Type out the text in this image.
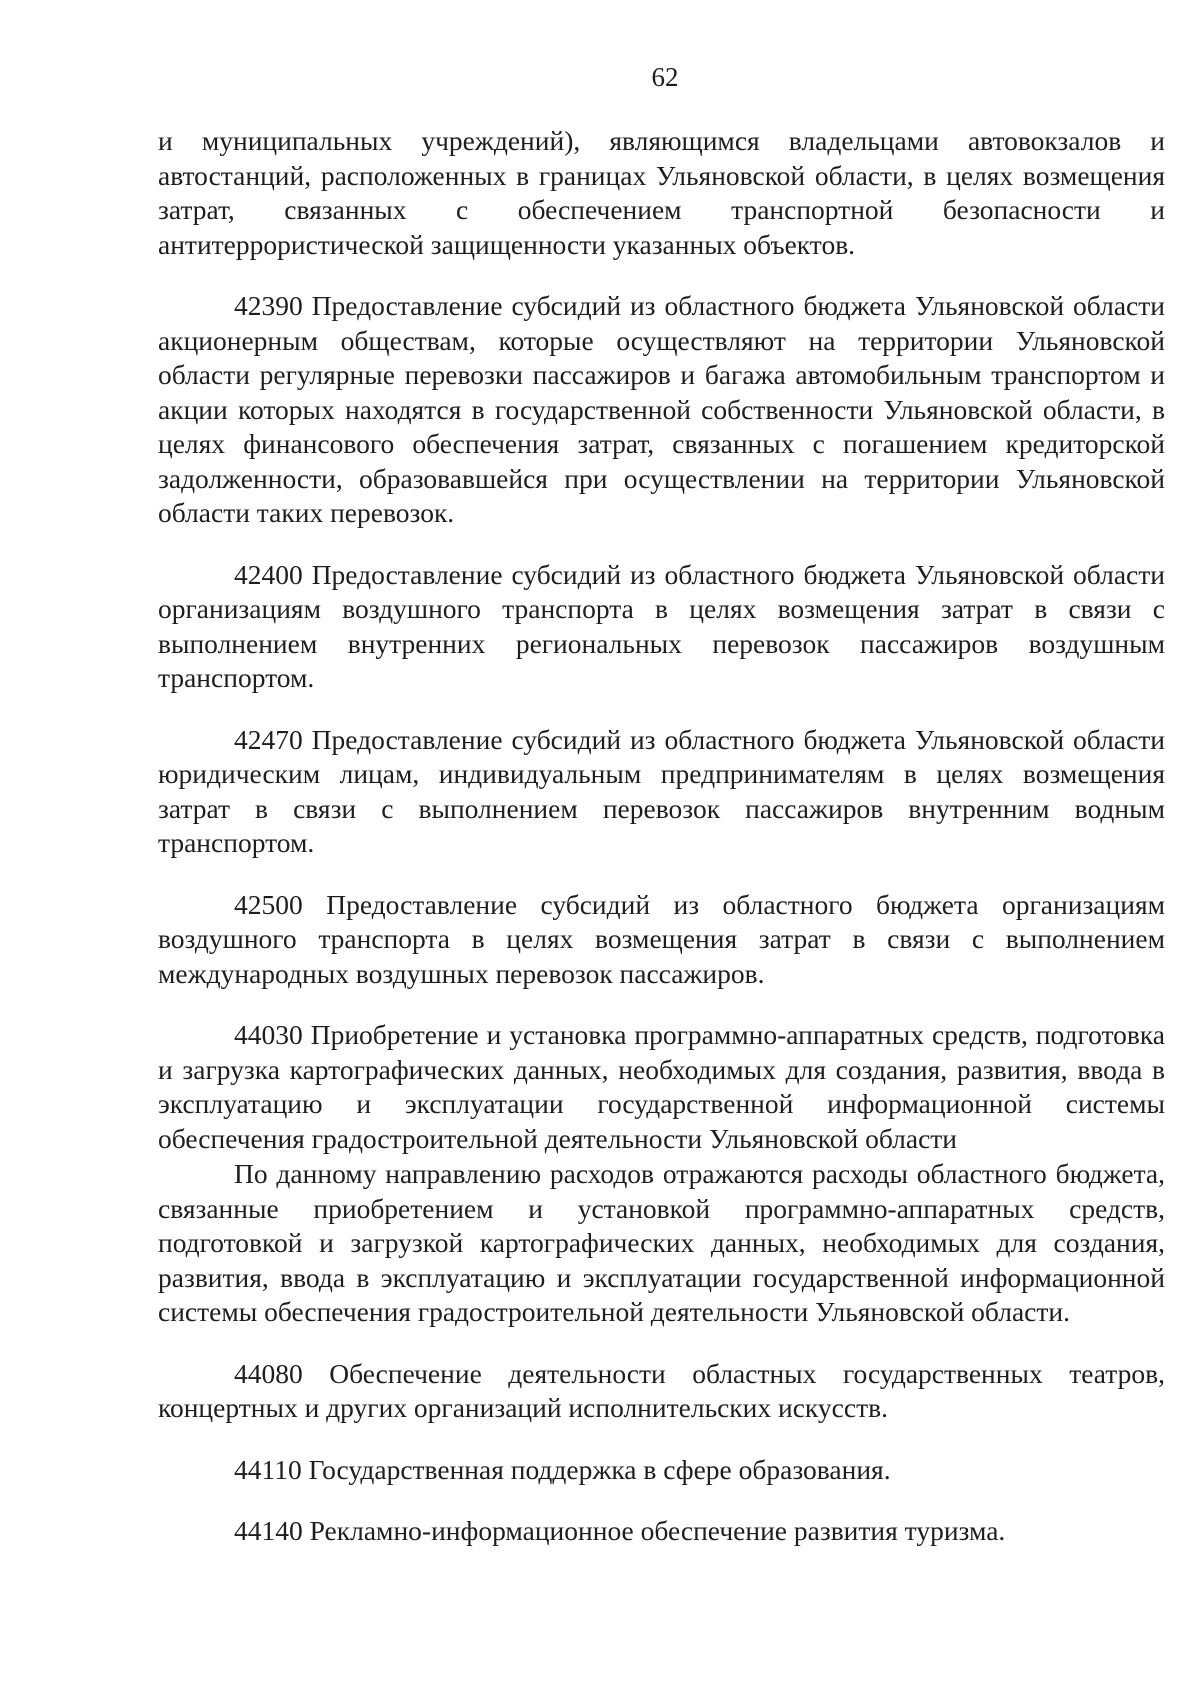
62

и муниципальных учреждений), являющимся владельцами автовокзалов и автостанций, расположенных в границах Ульяновской области, в целях возмещения затрат, связанных с обеспечением транспортной безопасности и антитеррористической защищенности указанных объектов.

42390 Предоставление субсидий из областного бюджета Ульяновской области акционерным обществам, которые осуществляют на территории Ульяновской области регулярные перевозки пассажиров и багажа автомобильным транспортом и акции которых находятся в государственной собственности Ульяновской области, в целях финансового обеспечения затрат, связанных с погашением кредиторской задолженности, образовавшейся при осуществлении на территории Ульяновской области таких перевозок.

42400 Предоставление субсидий из областного бюджета Ульяновской области организациям воздушного транспорта в целях возмещения затрат в связи с выполнением внутренних региональных перевозок пассажиров воздушным транспортом.

42470 Предоставление субсидий из областного бюджета Ульяновской области юридическим лицам, индивидуальным предпринимателям в целях возмещения затрат в связи с выполнением перевозок пассажиров внутренним водным транспортом.

42500 Предоставление субсидий из областного бюджета организациям воздушного транспорта в целях возмещения затрат в связи с выполнением международных воздушных перевозок пассажиров.

44030 Приобретение и установка программно-аппаратных средств, подготовка и загрузка картографических данных, необходимых для создания, развития, ввода в эксплуатацию и эксплуатации государственной информационной системы обеспечения градостроительной деятельности Ульяновской области

По данному направлению расходов отражаются расходы областного бюджета, связанные приобретением и установкой программно-аппаратных средств, подготовкой и загрузкой картографических данных, необходимых для создания, развития, ввода в эксплуатацию и эксплуатации государственной информационной системы обеспечения градостроительной деятельности Ульяновской области.

44080 Обеспечение деятельности областных государственных театров, концертных и других организаций исполнительских искусств.

44110 Государственная поддержка в сфере образования.

44140 Рекламно-информационное обеспечение развития туризма.
